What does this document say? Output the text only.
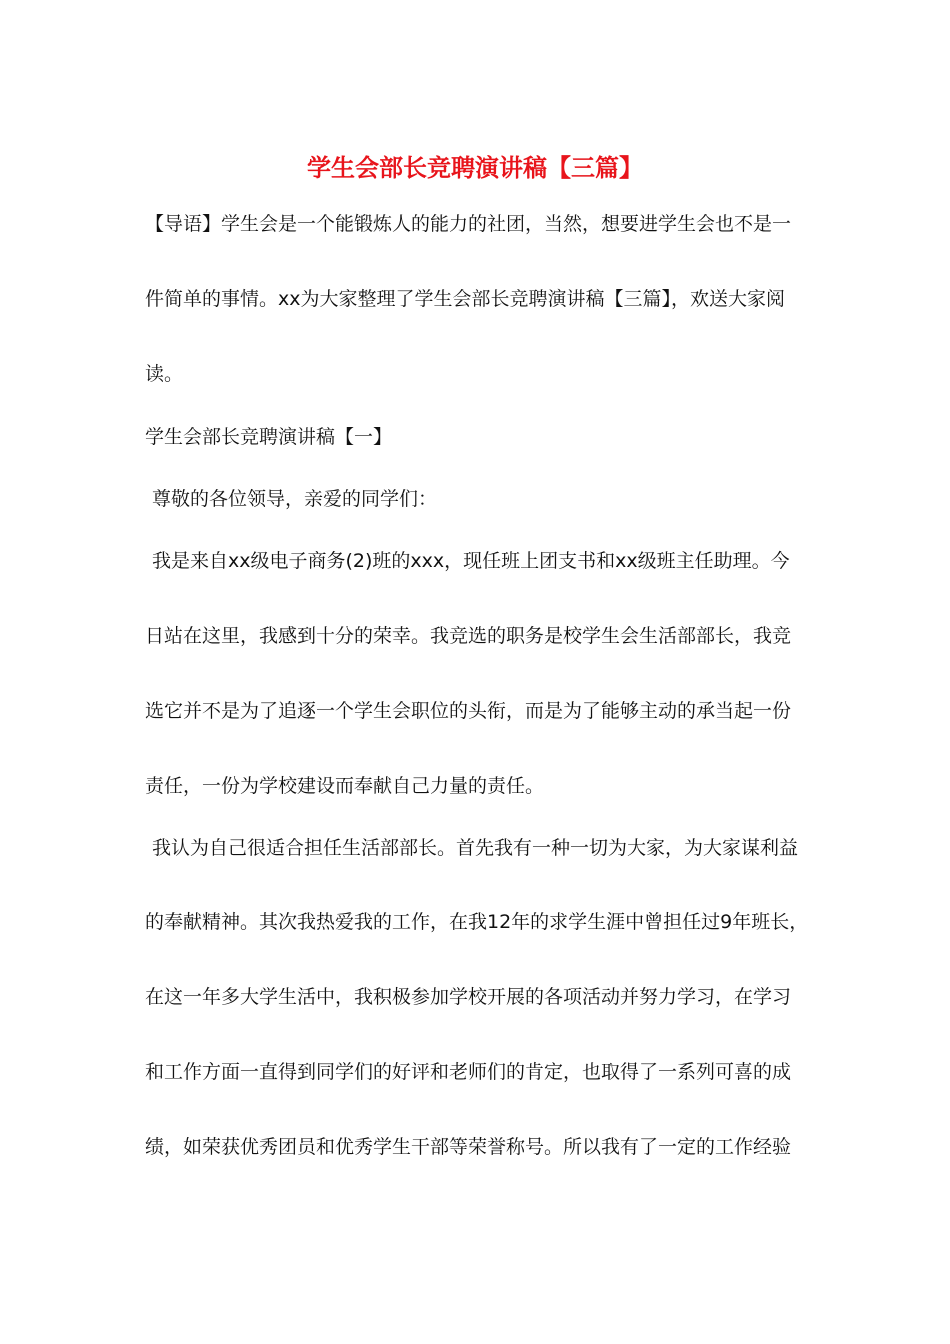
学生会部长竞聘演讲稿【三篇】
【导语】学生会是一个能锻炼人的能力的社团，当然，想要进学生会也不是一
件简单的事情。xx为大家整理了学生会部长竞聘演讲稿【三篇】，欢送大家阅
读。
学生会部长竞聘演讲稿【一】
尊敬的各位领导，亲爱的同学们：
我是来自xx级电子商务(2)班的xxx，现任班上团支书和xx级班主任助理。今
日站在这里，我感到十分的荣幸。我竞选的职务是校学生会生活部部长，我竞
选它并不是为了追逐一个学生会职位的头衔，而是为了能够主动的承当起一份
责任，一份为学校建设而奉献自己力量的责任。
我认为自己很适合担任生活部部长。首先我有一种一切为大家，为大家谋利益
的奉献精神。其次我热爱我的工作，在我12年的求学生涯中曾担任过9年班长，
在这一年多大学生活中，我积极参加学校开展的各项活动并努力学习，在学习
和工作方面一直得到同学们的好评和老师们的肯定，也取得了一系列可喜的成
绩，如荣获优秀团员和优秀学生干部等荣誉称号。所以我有了一定的工作经验
